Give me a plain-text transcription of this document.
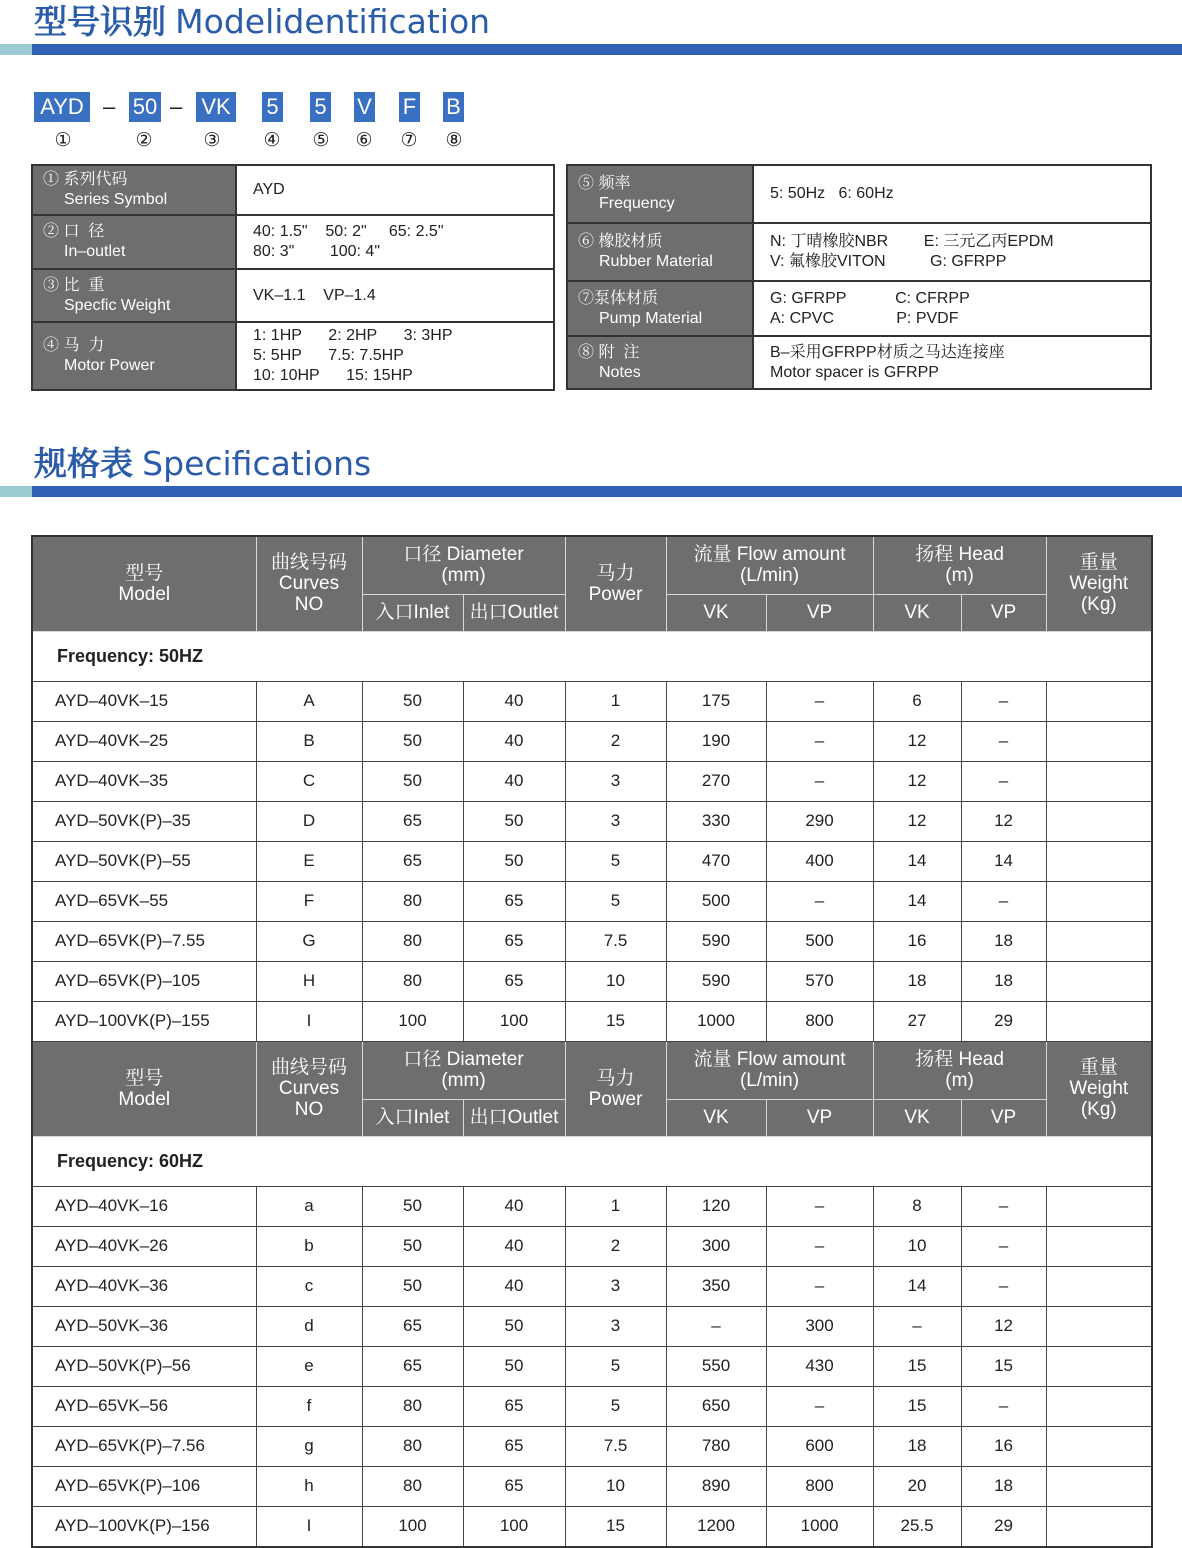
型号识别 Modelidentification
AYD – 50 – VK 5 5 V F B
①	②	③ ④ ⑤ ⑥ ⑦ ⑧
① 系列代码
Series Symbol	AYD

② 口  径
In–outlet	40: 1.5"    50: 2"     65: 2.5"
80: 3"        100: 4"

③ 比  重
Specfic Weight	VK–1.1    VP–1.4

④ 马  力
Motor Power	1: 1HP      2: 2HP      3: 3HP
5: 5HP      7.5: 7.5HP
10: 10HP      15: 15HP
⑤ 频率
Frequency	5: 50Hz   6: 60Hz

⑥ 橡胶材质
Rubber Material	N: 丁晴橡胶NBR        E: 三元乙丙EPDM
V: 氟橡胶VITON          G: GFRPP

⑦泵体材质
Pump Material	G: GFRPP           C: CFRPP
A: CPVC              P: PVDF

⑧ 附  注
Notes	B–采用GFRPP材质之马达连接座
Motor spacer is GFRPP
规格表 Specifications
型号
Model	曲线号码
Curves
NO	口径 Diameter
(mm)		马力
Power	流量 Flow amount
(L/min)		扬程 Head
(m)		重量
Weight
(Kg)

		入口Inlet	出口Outlet		VK	VP	VK	VP	

Frequency: 50HZ									
AYD–40VK–15	A	50	40	1	175	–	6	–	
AYD–40VK–25	B	50	40	2	190	–	12	–	
AYD–40VK–35	C	50	40	3	270	–	12	–	
AYD–50VK(P)–35	D	65	50	3	330	290	12	12	
AYD–50VK(P)–55	E	65	50	5	470	400	14	14	
AYD–65VK–55	F	80	65	5	500	–	14	–	
AYD–65VK(P)–7.55	G	80	65	7.5	590	500	16	18	
AYD–65VK(P)–105	H	80	65	10	590	570	18	18	
AYD–100VK(P)–155	I	100	100	15	1000	800	27	29	

型号
Model	曲线号码
Curves
NO	口径 Diameter
(mm)		马力
Power	流量 Flow amount
(L/min)		扬程 Head
(m)		重量
Weight
(Kg)

		入口Inlet	出口Outlet		VK	VP	VK	VP	

Frequency: 60HZ									
AYD–40VK–16	a	50	40	1	120	–	8	–	
AYD–40VK–26	b	50	40	2	300	–	10	–	
AYD–40VK–36	c	50	40	3	350	–	14	–	
AYD–50VK–36	d	65	50	3	–	300	–	12	
AYD–50VK(P)–56	e	65	50	5	550	430	15	15	
AYD–65VK–56	f	80	65	5	650	–	15	–	
AYD–65VK(P)–7.56	g	80	65	7.5	780	600	18	16	
AYD–65VK(P)–106	h	80	65	10	890	800	20	18	
AYD–100VK(P)–156	I	100	100	15	1200	1000	25.5	29	
